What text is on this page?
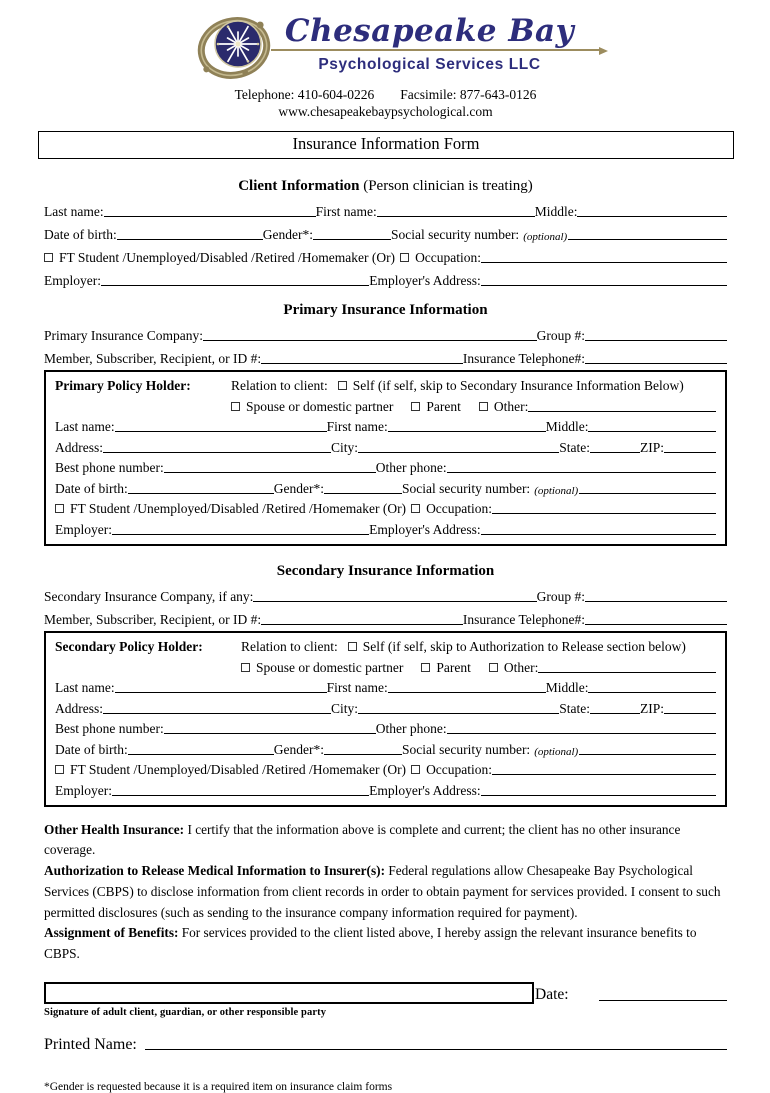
Chesapeake Bay
Psychological Services LLC
Telephone: 410-604-0226 Facsimile: 877-643-0126
www.chesapeakebaypsychological.com
Insurance Information Form
Client Information (Person clinician is treating)
Last name:	First name:	Middle:
Date of birth:	Gender*:	Social security number: (optional)
FT Student /Unemployed/Disabled /Retired /Homemaker (Or) Occupation:
Employer:	Employer's Address:
Primary Insurance Information
Primary Insurance Company:	Group #:
Member, Subscriber, Recipient, or ID #:	Insurance Telephone#:
Primary Policy Holder:	Relation to client: Self (if self, skip to Secondary Insurance Information Below)
Spouse or domestic partner Parent Other:
Last name:	First name:	Middle:
Address:	City:	State:	ZIP:
Best phone number:	Other phone:
Date of birth:	Gender*:	Social security number: (optional)
FT Student /Unemployed/Disabled /Retired /Homemaker (Or) Occupation:
Employer:	Employer's Address:
Secondary Insurance Information
Secondary Insurance Company, if any:	Group #:
Member, Subscriber, Recipient, or ID #:	Insurance Telephone#:
Secondary Policy Holder:	Relation to client: Self (if self, skip to Authorization to Release section below)
Spouse or domestic partner Parent Other:
Last name:	First name:	Middle:
Address:	City:	State:	ZIP:
Best phone number:	Other phone:
Date of birth:	Gender*:	Social security number: (optional)
FT Student /Unemployed/Disabled /Retired /Homemaker (Or) Occupation:
Employer:	Employer's Address:

Other Health Insurance: I certify that the information above is complete and current; the client has no other insurance coverage.

Authorization to Release Medical Information to Insurer(s): Federal regulations allow Chesapeake Bay Psychological Services (CBPS) to disclose information from client records in order to obtain payment for services provided. I consent to such permitted disclosures (such as sending to the insurance company information required for payment).

Assignment of Benefits: For services provided to the client listed above, I hereby assign the relevant insurance benefits to CBPS.

Date:
Signature of adult client, guardian, or other responsible party
Printed Name:
*Gender is requested because it is a required item on insurance claim forms
